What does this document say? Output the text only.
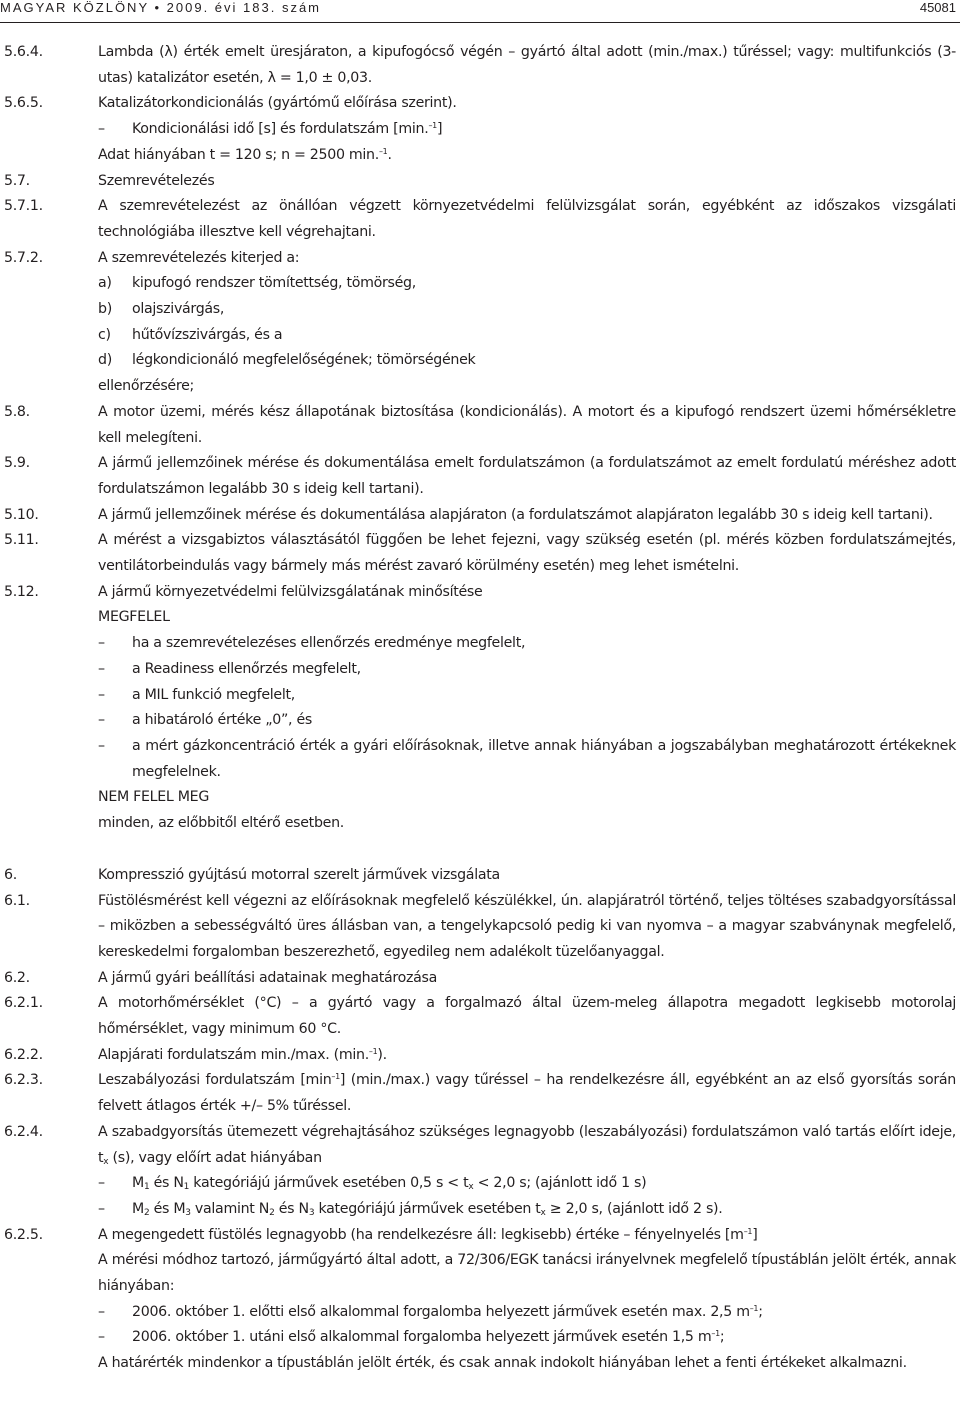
MAGYAR KÖZLÖNY • 2009. évi 183. szám	45081
5.6.4.	Lambda (λ) érték emelt üresjáraton, a kipufogócső végén – gyártó által adott (min./max.) tűréssel; vagy: multifunkciós (3-utas) katalizátor esetén, λ = 1,0 ± 0,03.
5.6.5.	Katalizátorkondicionálás (gyártómű előírása szerint).
–
Kondicionálási idő [s] és fordulatszám [min.$^{-1}$]
Adat hiányában t = 120 s; n = 2500 min.$^{-1}$.
5.7.	Szemrevételezés
5.7.1.	A szemrevételezést az önállóan végzett környezetvédelmi felülvizsgálat során, egyébként az időszakos vizsgálati technológiába illesztve kell végrehajtani.
5.7.2.	A szemrevételezés kiterjed a:
a)	kipufogó rendszer tömítettség, tömörség,
b)	olajszivárgás,
c)	hűtővízszivárgás, és a
d)	légkondicionáló megfelelőségének; tömörségének
ellenőrzésére;
5.8.	A motor üzemi, mérés kész állapotának biztosítása (kondicionálás). A motort és a kipufogó rendszert üzemi hőmérsékletre kell melegíteni.
5.9.	A jármű jellemzőinek mérése és dokumentálása emelt fordulatszámon (a fordulatszámot az emelt fordulatú méréshez adott fordulatszámon legalább 30 s ideig kell tartani).
5.10.	A jármű jellemzőinek mérése és dokumentálása alapjáraton (a fordulatszámot alapjáraton legalább 30 s ideig kell tartani).
5.11.	A mérést a vizsgabiztos választásától függően be lehet fejezni, vagy szükség esetén (pl. mérés közben fordulatszámejtés, ventilátorbeindulás vagy bármely más mérést zavaró körülmény esetén) meg lehet ismételni.
5.12.	A jármű környezetvédelmi felülvizsgálatának minősítése
MEGFELEL
–
ha a szemrevételezéses ellenőrzés eredménye megfelelt,
–
a Readiness ellenőrzés megfelelt,
–
a MIL funkció megfelelt,
–
a hibatároló értéke „0”, és
–
a mért gázkoncentráció érték a gyári előírásoknak, illetve annak hiányában a jogszabályban meghatározott értékeknek megfelelnek.
NEM FELEL MEG
minden, az előbbitől eltérő esetben.
6.	Kompresszió gyújtású motorral szerelt járművek vizsgálata
6.1.	Füstölésmérést kell végezni az előírásoknak megfelelő készülékkel, ún. alapjáratról történő, teljes töltéses szabadgyorsítással – miközben a sebességváltó üres állásban van, a tengelykapcsoló pedig ki van nyomva – a magyar szabványnak megfelelő, kereskedelmi forgalomban beszerezhető, egyedileg nem adalékolt tüzelőanyaggal.
6.2.	A jármű gyári beállítási adatainak meghatározása
6.2.1.	A motorhőmérséklet (°C) – a gyártó vagy a forgalmazó által üzem-meleg állapotra megadott legkisebb motorolaj hőmérséklet, vagy minimum 60 °C.
6.2.2.	Alapjárati fordulatszám min./max. (min.$^{-1}$).
6.2.3.	Leszabályozási fordulatszám $[\min^{-1}]$ (min./max.) vagy tűréssel – ha rendelkezésre áll, egyébként an az első gyorsítás során felvett átlagos érték +/– 5% tűréssel.
6.2.4.	A szabadgyorsítás ütemezett végrehajtásához szükséges legnagyobb (leszabályozási) fordulatszámon való tartás előírt ideje, $t_x$ (s), vagy előírt adat hiányában
–
$M_1$ és $N_1$ kategóriájú járművek esetében 0,5 $s < t_x < 2,0$ s; (ajánlott idő 1 s)
–
$M_2$ és $M_3$ valamint $N_2$ és $N_3$ kategóriájú járművek esetében $t_x \ge 2,0$ s, (ajánlott idő 2 s).
6.2.5.	A megengedett füstölés legnagyobb (ha rendelkezésre áll: legkisebb) értéke – fényelnyelés $[m^{-1}]$
A mérési módhoz tartozó, járműgyártó által adott, a 72/306/EGK tanácsi irányelvnek megfelelő típustáblán jelölt érték, annak hiányában:
–
2006. október 1. előtti első alkalommal forgalomba helyezett járművek esetén max. 2,5 $m^{-1}$;
–
2006. október 1. utáni első alkalommal forgalomba helyezett járművek esetén 1,5 $m^{-1}$;
A határérték mindenkor a típustáblán jelölt érték, és csak annak indokolt hiányában lehet a fenti értékeket alkalmazni.
